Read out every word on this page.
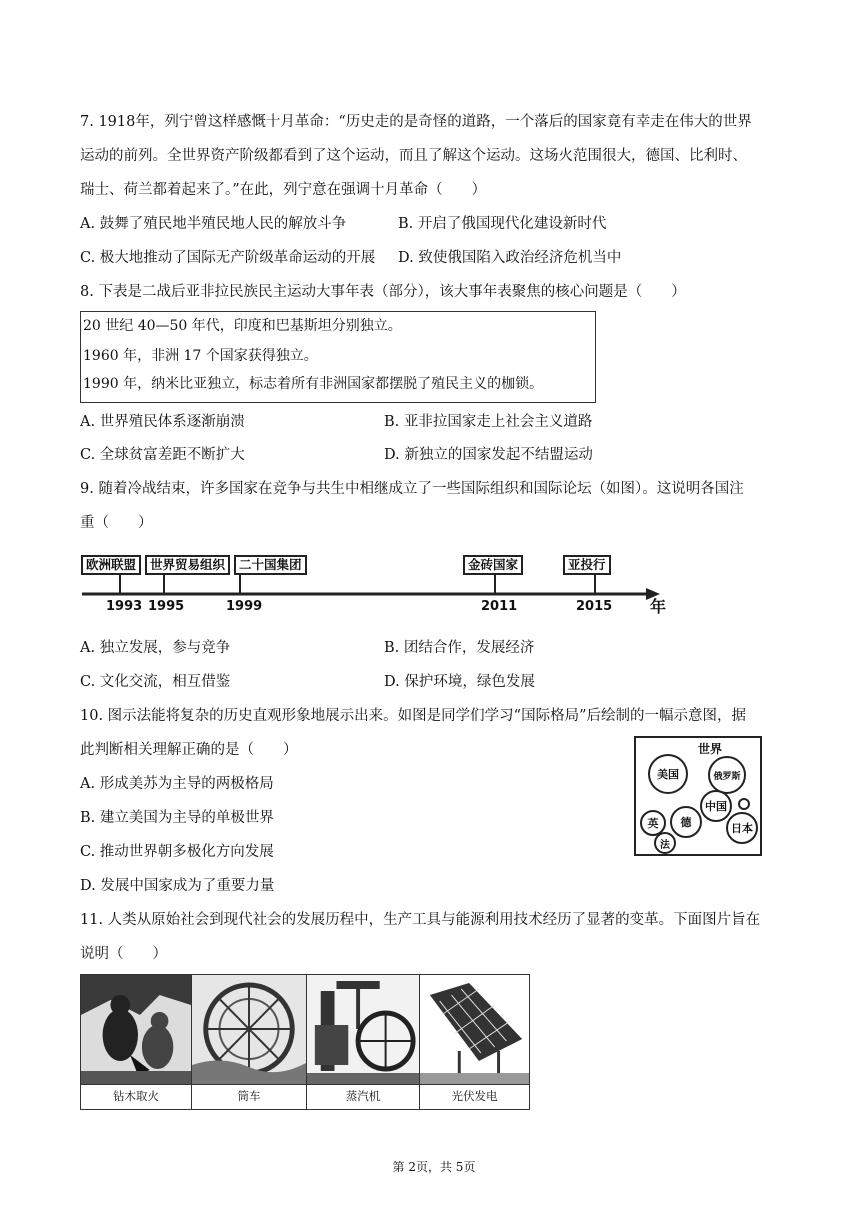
7. 1918年，列宁曾这样感慨十月革命：“历史走的是奇怪的道路，一个落后的国家竟有幸走在伟大的世界
运动的前列。全世界资产阶级都看到了这个运动，而且了解这个运动。这场火范围很大，德国、比利时、
瑞士、荷兰都着起来了。”在此，列宁意在强调十月革命（　　）
A. 鼓舞了殖民地半殖民地人民的解放斗争	B. 开启了俄国现代化建设新时代
C. 极大地推动了国际无产阶级革命运动的开展 D. 致使俄国陷入政治经济危机当中
8. 下表是二战后亚非拉民族民主运动大事年表（部分），该大事年表聚焦的核心问题是（　　）
20 世纪 40—50 年代，印度和巴基斯坦分别独立。
1960 年，非洲 17 个国家获得独立。
1990 年，纳米比亚独立，标志着所有非洲国家都摆脱了殖民主义的枷锁。
A. 世界殖民体系逐渐崩溃	B. 亚非拉国家走上社会主义道路
C. 全球贫富差距不断扩大	D. 新独立的国家发起不结盟运动
9. 随着冷战结束，许多国家在竞争与共生中相继成立了一些国际组织和国际论坛（如图）。这说明各国注
重（　　）
欧洲联盟	世界贸易组织	二十国集团	金砖国家	亚投行
1993 1995	1999	2011	2015 年
A. 独立发展，参与竞争	B. 团结合作，发展经济
C. 文化交流，相互借鉴	D. 保护环境，绿色发展
10. 图示法能将复杂的历史直观形象地展示出来。如图是同学们学习“国际格局”后绘制的一幅示意图，据
此判断相关理解正确的是（　　）	世界
美国	俄罗斯
中国
德	日本
英
法
A. 形成美苏为主导的两极格局
B. 建立美国为主导的单极世界
C. 推动世界朝多极化方向发展
D. 发展中国家成为了重要力量
11. 人类从原始社会到现代社会的发展历程中，生产工具与能源利用技术经历了显著的变革。下面图片旨在
说明（　　）
钻木取火	筒车	蒸汽机	光伏发电
第 2页，共 5页
